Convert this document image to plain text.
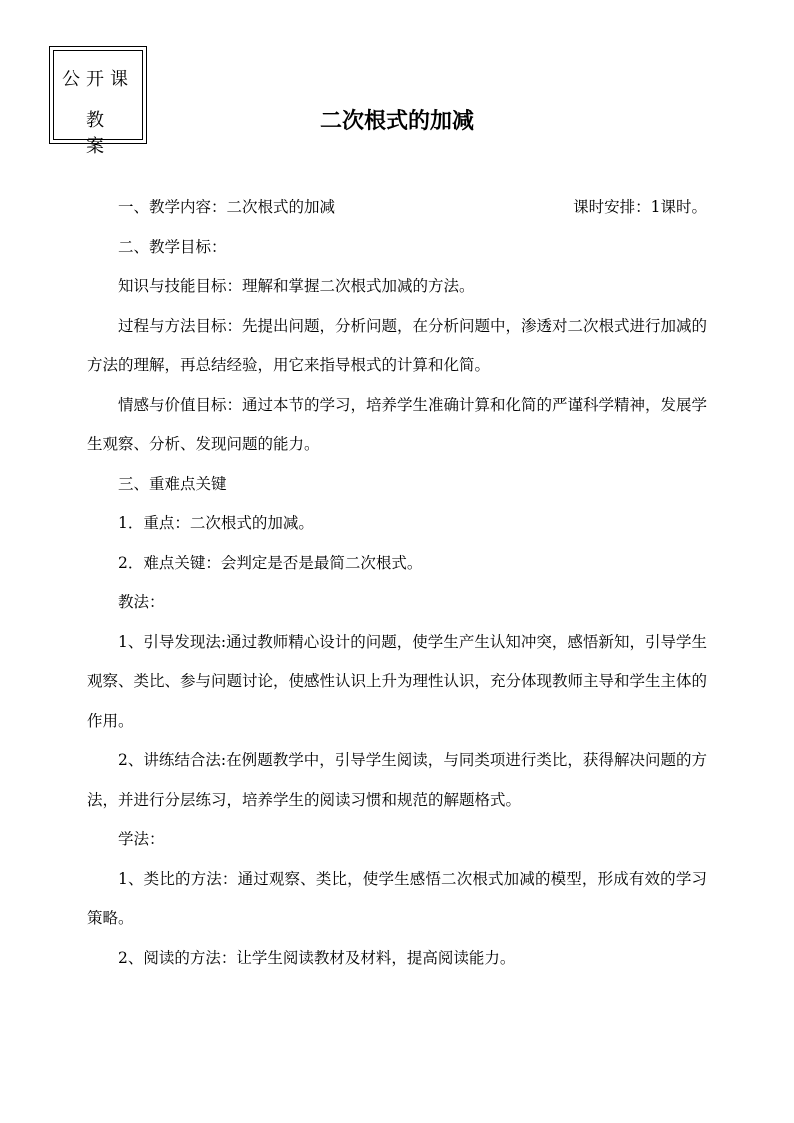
公开课
教案
二次根式的加减
一、教学内容：二次根式的加减	课时安排：1课时。

二、教学目标：

知识与技能目标：理解和掌握二次根式加减的方法。

过程与方法目标：先提出问题，分析问题，在分析问题中，渗透对二次根式进行加减的方法的理解，再总结经验，用它来指导根式的计算和化简。

情感与价值目标：通过本节的学习，培养学生准确计算和化简的严谨科学精神，发展学生观察、分析、发现问题的能力。

三、重难点关键

1．重点：二次根式的加减。

2．难点关键：会判定是否是最简二次根式。

教法：

1、引导发现法:通过教师精心设计的问题，使学生产生认知冲突，感悟新知，引导学生观察、类比、参与问题讨论，使感性认识上升为理性认识，充分体现教师主导和学生主体的作用。

2、讲练结合法:在例题教学中，引导学生阅读，与同类项进行类比，获得解决问题的方法，并进行分层练习，培养学生的阅读习惯和规范的解题格式。

学法：

1、类比的方法：通过观察、类比，使学生感悟二次根式加减的模型，形成有效的学习策略。

2、阅读的方法：让学生阅读教材及材料，提高阅读能力。
